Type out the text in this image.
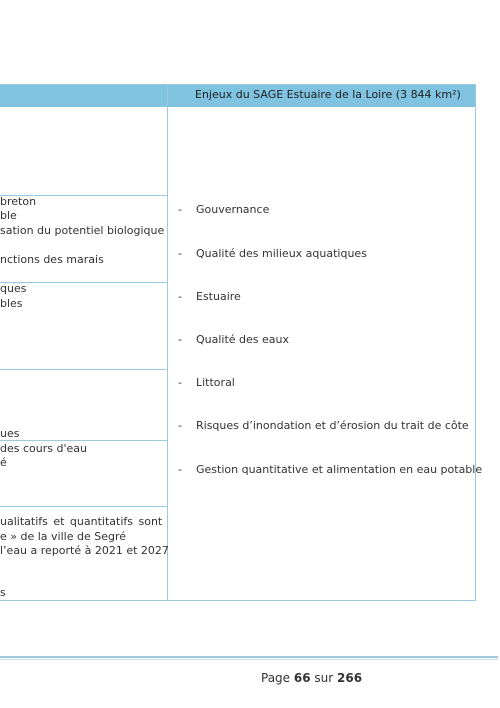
Enjeux du SAGE Estuaire de la Loire (3 844 km²)
breton
ble
sation du potentiel biologique
nctions des marais
ques
bles
ues
des cours d'eau
é
ualitatifs et quantitatifs sont
e » de la ville de Segré
l’eau a reporté à 2021 et 2027
s
- Gouvernance
- Qualité des milieux aquatiques
- Estuaire
- Qualité des eaux
- Littoral
- Risques d’inondation et d’érosion du trait de côte
- Gestion quantitative et alimentation en eau potable
Page 66 sur 266
